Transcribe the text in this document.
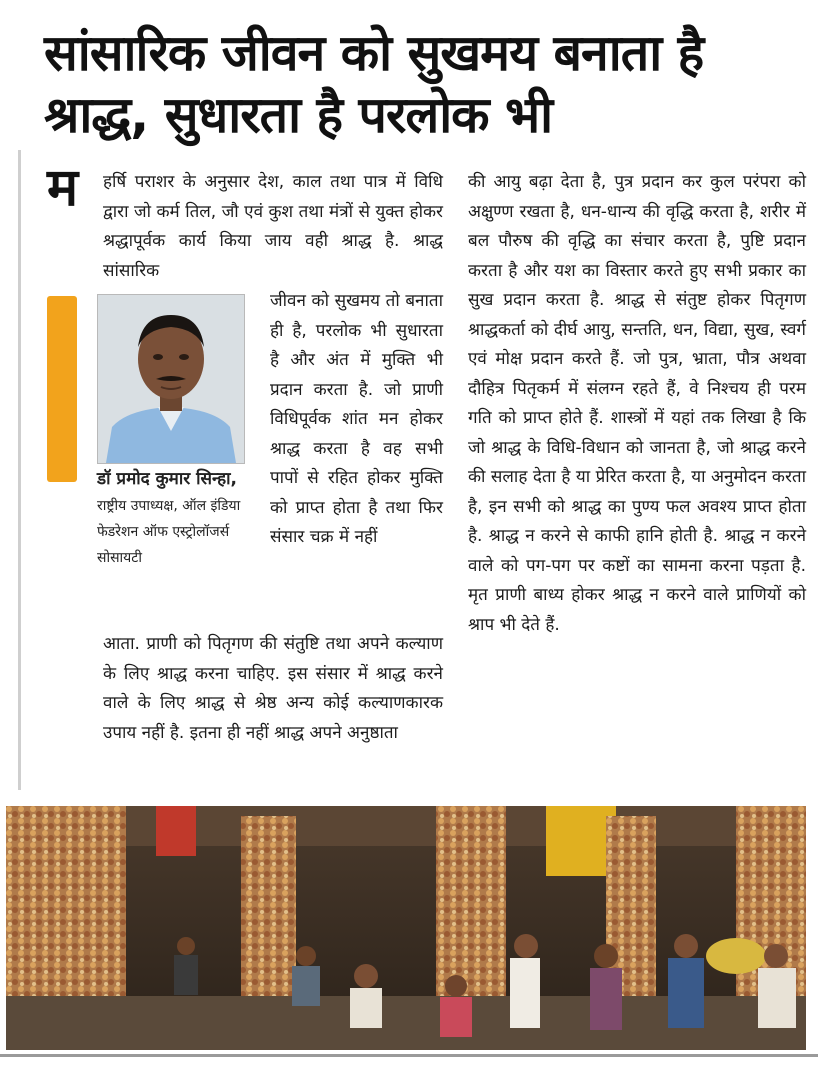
सांसारिक जीवन को सुखमय बनाता है
श्राद्ध, सुधारता है परलोक भी
म हर्षि पराशर के अनुसार देश, काल तथा पात्र में विधि द्वारा जो कर्म तिल, जौ एवं कुश तथा मंत्रों से युक्त होकर श्रद्धापूर्वक कार्य किया जाय वही श्राद्ध है. श्राद्ध सांसारिक

डॉ प्रमोद कुमार सिन्हा, राष्ट्रीय उपाध्यक्ष, ऑल इंडिया फेडरेशन ऑफ एस्ट्रोलॉजर्स सोसायटी

जीवन को सुखमय तो बनाता ही है, परलोक भी सुधारता है और अंत में मुक्ति भी प्रदान करता है. जो प्राणी विधिपूर्वक शांत मन होकर श्राद्ध करता है वह सभी पापों से रहित होकर मुक्ति को प्राप्त होता है तथा फिर संसार चक्र में नहीं

आता. प्राणी को पितृगण की संतुष्टि तथा अपने कल्याण के लिए श्राद्ध करना चाहिए. इस संसार में श्राद्ध करने वाले के लिए श्राद्ध से श्रेष्ठ अन्य कोई कल्याणकारक उपाय नहीं है. इतना ही नहीं श्राद्ध अपने अनुष्ठाता

की आयु बढ़ा देता है, पुत्र प्रदान कर कुल परंपरा को अक्षुण्ण रखता है, धन-धान्य की वृद्धि करता है, शरीर में बल पौरुष की वृद्धि का संचार करता है, पुष्टि प्रदान करता है और यश का विस्तार करते हुए सभी प्रकार का सुख प्रदान करता है. श्राद्ध से संतुष्ट होकर पितृगण श्राद्धकर्ता को दीर्घ आयु, सन्तति, धन, विद्या, सुख, स्वर्ग एवं मोक्ष प्रदान करते हैं. जो पुत्र, भ्राता, पौत्र अथवा दौहित्र पितृकर्म में संलग्न रहते हैं, वे निश्चय ही परम गति को प्राप्त होते हैं. शास्त्रों में यहां तक लिखा है कि जो श्राद्ध के विधि-विधान को जानता है, जो श्राद्ध करने की सलाह देता है या प्रेरित करता है, या अनुमोदन करता है, इन सभी को श्राद्ध का पुण्य फल अवश्य प्राप्त होता है. श्राद्ध न करने से काफी हानि होती है. श्राद्ध न करने वाले को पग-पग पर कष्टों का सामना करना पड़ता है. मृत प्राणी बाध्य होकर श्राद्ध न करने वाले प्राणियों को श्राप भी देते हैं.
